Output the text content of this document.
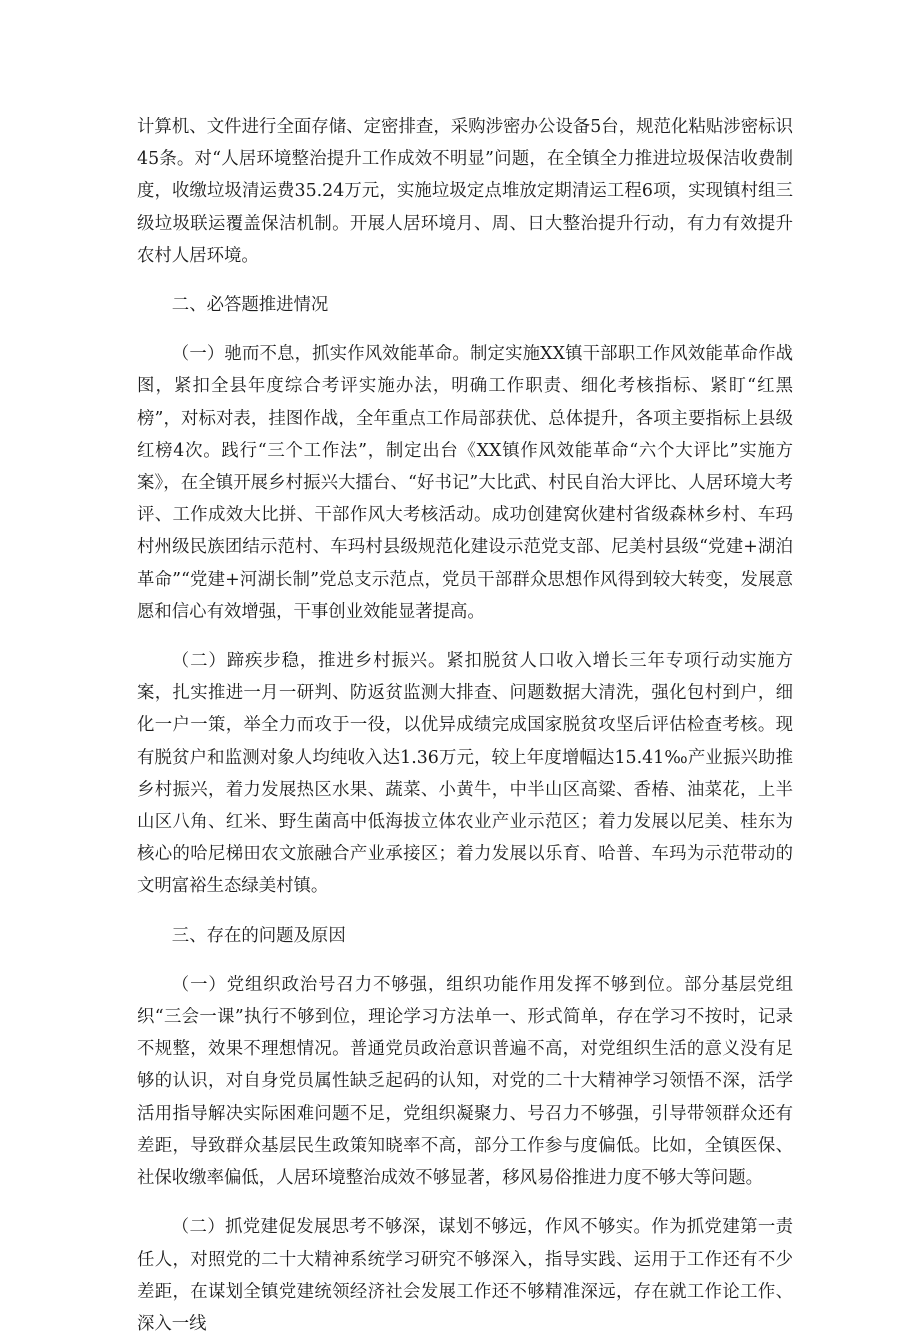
计算机、文件进行全面存储、定密排查，采购涉密办公设备5台，规范化粘贴涉密标识45条。对“人居环境整治提升工作成效不明显”问题，在全镇全力推进垃圾保洁收费制度，收缴垃圾清运费35.24万元，实施垃圾定点堆放定期清运工程6项，实现镇村组三级垃圾联运覆盖保洁机制。开展人居环境月、周、日大整治提升行动，有力有效提升农村人居环境。

二、必答题推进情况

（一）驰而不息，抓实作风效能革命。制定实施XX镇干部职工作风效能革命作战图，紧扣全县年度综合考评实施办法，明确工作职责、细化考核指标、紧盯“红黑榜”，对标对表，挂图作战，全年重点工作局部获优、总体提升，各项主要指标上县级红榜4次。践行“三个工作法”，制定出台《XX镇作风效能革命“六个大评比”实施方案》，在全镇开展乡村振兴大擂台、“好书记”大比武、村民自治大评比、人居环境大考评、工作成效大比拼、干部作风大考核活动。成功创建窝伙建村省级森林乡村、车玛村州级民族团结示范村、车玛村县级规范化建设示范党支部、尼美村县级“党建+湖泊革命”“党建+河湖长制”党总支示范点，党员干部群众思想作风得到较大转变，发展意愿和信心有效增强，干事创业效能显著提高。

（二）蹄疾步稳，推进乡村振兴。紧扣脱贫人口收入增长三年专项行动实施方案，扎实推进一月一研判、防返贫监测大排查、问题数据大清洗，强化包村到户，细化一户一策，举全力而攻于一役，以优异成绩完成国家脱贫攻坚后评估检查考核。现有脱贫户和监测对象人均纯收入达1.36万元，较上年度增幅达15.41‰产业振兴助推乡村振兴，着力发展热区水果、蔬菜、小黄牛，中半山区高粱、香椿、油菜花，上半山区八角、红米、野生菌高中低海拔立体农业产业示范区；着力发展以尼美、桂东为核心的哈尼梯田农文旅融合产业承接区；着力发展以乐育、哈普、车玛为示范带动的文明富裕生态绿美村镇。

三、存在的问题及原因

（一）党组织政治号召力不够强，组织功能作用发挥不够到位。部分基层党组织“三会一课”执行不够到位，理论学习方法单一、形式简单，存在学习不按时，记录不规整，效果不理想情况。普通党员政治意识普遍不高，对党组织生活的意义没有足够的认识，对自身党员属性缺乏起码的认知，对党的二十大精神学习领悟不深，活学活用指导解决实际困难问题不足，党组织凝聚力、号召力不够强，引导带领群众还有差距，导致群众基层民生政策知晓率不高，部分工作参与度偏低。比如，全镇医保、社保收缴率偏低，人居环境整治成效不够显著，移风易俗推进力度不够大等问题。

（二）抓党建促发展思考不够深，谋划不够远，作风不够实。作为抓党建第一责任人，对照党的二十大精神系统学习研究不够深入，指导实践、运用于工作还有不少差距，在谋划全镇党建统领经济社会发展工作还不够精准深远，存在就工作论工作、深入一线
